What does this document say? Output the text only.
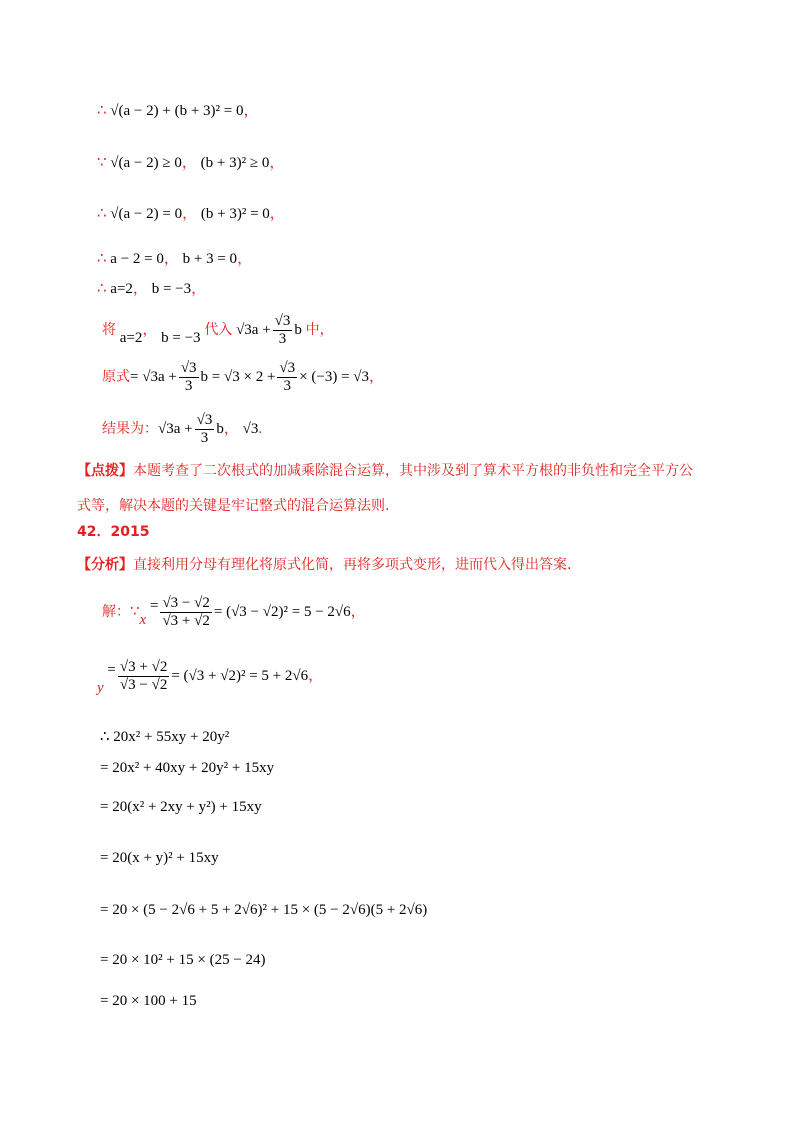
∴ √(a − 2) + (b + 3)² = 0，
∵ √(a − 2) ≥ 0， (b + 3)² ≥ 0，
∴ √(a − 2) = 0， (b + 3)² = 0，
∴ a − 2 = 0， b + 3 = 0，
∴ a=2， b = −3，
将 a=2， b = −3 代入 $√3a + \frac{√3}{3}$ b 中，
原式= $√3a + \frac{√3}{3}$ $b = √3 \times 2 + \frac{√3}{3} \times (-3) = √3$，
结果为：$√3a + \frac{√3}{3}$ b， √3.
【点拨】本题考查了二次根式的加减乘除混合运算，其中涉及到了算术平方根的非负性和完全平方公
式等，解决本题的关键是牢记整式的混合运算法则.
42．2015
【分析】直接利用分母有理化将原式化简，再将多项式变形，进而代入得出答案.
解：∵x = $\frac{√3 - √2}{√3 + √2} = (√3 - √2)^2 = 5 - 2√6$，
$y = \frac{√3 + √2}{√3 - √2} = (√3 + √2)^2 = 5 + 2√6$，
∴ 20x² + 55xy + 20y²
= 20x² + 40xy + 20y² + 15xy
= 20(x² + 2xy + y²) + 15xy
= 20(x + y)² + 15xy
= 20 × (5 − 2√6 + 5 + 2√6)² + 15 × (5 − 2√6)(5 + 2√6)
= 20 × 10² + 15 × (25 − 24)
= 20 × 100 + 15
